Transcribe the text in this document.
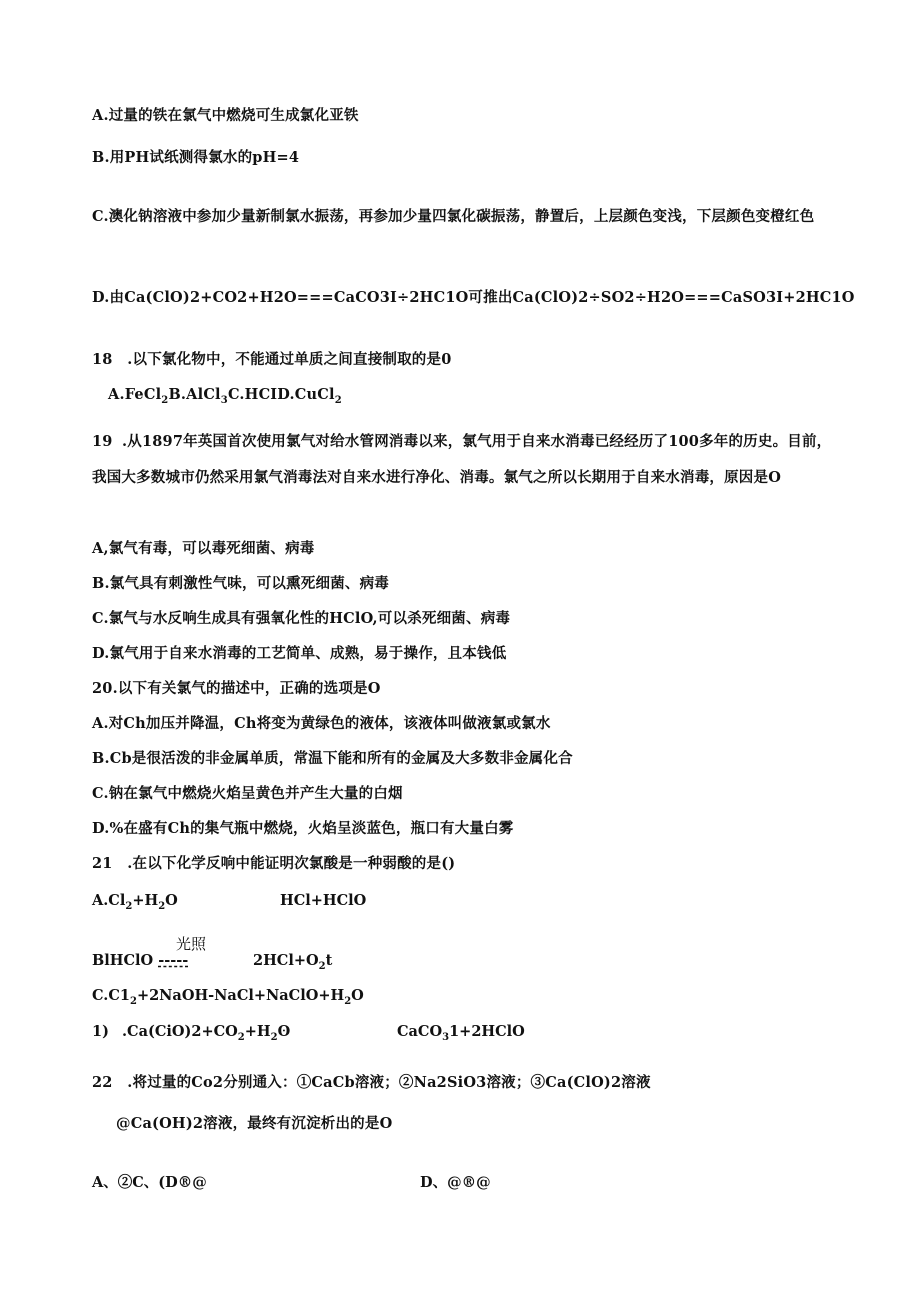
A.过量的铁在氯气中燃烧可生成氯化亚铁
B.用PH试纸测得氯水的pH=4
C.澳化钠溶液中参加少量新制氯水振荡，再参加少量四氯化碳振荡，静置后，上层颜色变浅，下层颜色变橙红色
D.由Ca(ClO)2+CO2+H2O===CaCO3I÷2HC1O可推出Ca(ClO)2÷SO2÷H2O===CaSO3I+2HC1O
18 .以下氯化物中，不能通过单质之间直接制取的是0
A.FeCl$_2$B.AlCl$_3$C.HCID.CuCl$_2$
19 .从1897年英国首次使用氯气对给水管网消毒以来，氯气用于自来水消毒已经经历了100多年的历史。目前，我国大多数城市仍然采用氯气消毒法对自来水进行净化、消毒。氯气之所以长期用于自来水消毒，原因是O
A,氯气有毒，可以毒死细菌、病毒
B.氯气具有刺激性气味，可以熏死细菌、病毒
C.氯气与水反响生成具有强氧化性的HClO,可以杀死细菌、病毒
D.氯气用于自来水消毒的工艺简单、成熟，易于操作，且本钱低
20.以下有关氯气的描述中，正确的选项是O
A.对Ch加压并降温，Ch将变为黄绿色的液体，该液体叫做液氯或氯水
B.Cb是很活泼的非金属单质，常温下能和所有的金属及大多数非金属化合
C.钠在氯气中燃烧火焰呈黄色并产生大量的白烟
D.%在盛有Ch的集气瓶中燃烧，火焰呈淡蓝色，瓶口有大量白雾
21 .在以下化学反响中能证明次氯酸是一种弱酸的是()
$A.Cl_2+H_2O$	HCl+HClO
光照
BlHClO -----	$2HCl+O_2t$
$C.C1_2+2NaOH-NaCl+NaClO+H_2O$
1) $.Ca(CiO)2+CO_2+H_2ʘ$	CaCO$_3$1+2HClO
22 .将过量的Co2分别通入：①CaCb溶液；②Na2SiO3溶液；③Ca(ClO)2溶液
@Ca(OH)2溶液，最终有沉淀析出的是O
A、②C、(D®@	D、@®@
